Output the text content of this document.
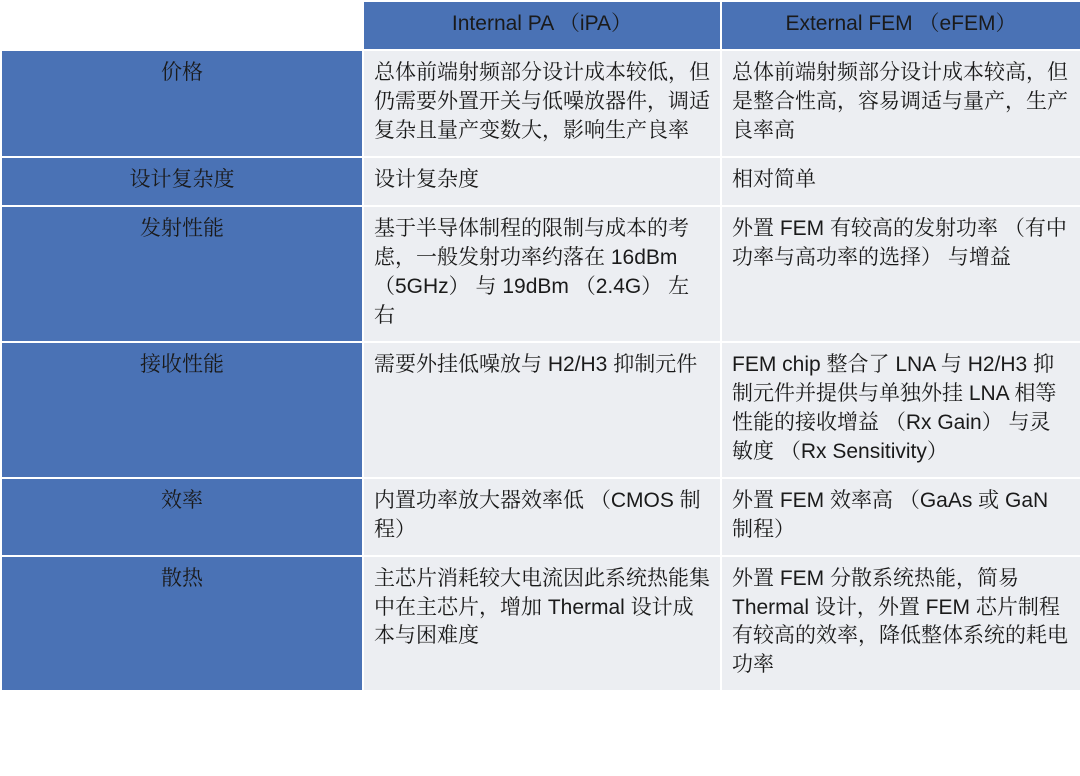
	Internal PA （iPA）	External FEM （eFEM）
价格	总体前端射频部分设计成本较低，但仍需要外置开关与低噪放器件，调适复杂且量产变数大，影响生产良率	总体前端射频部分设计成本较高，但是整合性高，容易调适与量产，生产良率高
设计复杂度	设计复杂度	相对简单
发射性能	基于半导体制程的限制与成本的考虑，一般发射功率约落在 16dBm （5GHz） 与 19dBm （2.4G） 左右	外置 FEM 有较高的发射功率 （有中功率与高功率的选择） 与增益
接收性能	需要外挂低噪放与 H2/H3 抑制元件	FEM chip 整合了 LNA 与 H2/H3 抑制元件并提供与单独外挂 LNA 相等性能的接收增益 （Rx Gain） 与灵敏度 （Rx Sensitivity）
效率	内置功率放大器效率低 （CMOS 制程）	外置 FEM 效率高 （GaAs 或 GaN 制程）
散热	主芯片消耗较大电流因此系统热能集中在主芯片，增加 Thermal 设计成本与困难度	外置 FEM 分散系统热能，简易 Thermal 设计，外置 FEM 芯片制程有较高的效率，降低整体系统的耗电功率
